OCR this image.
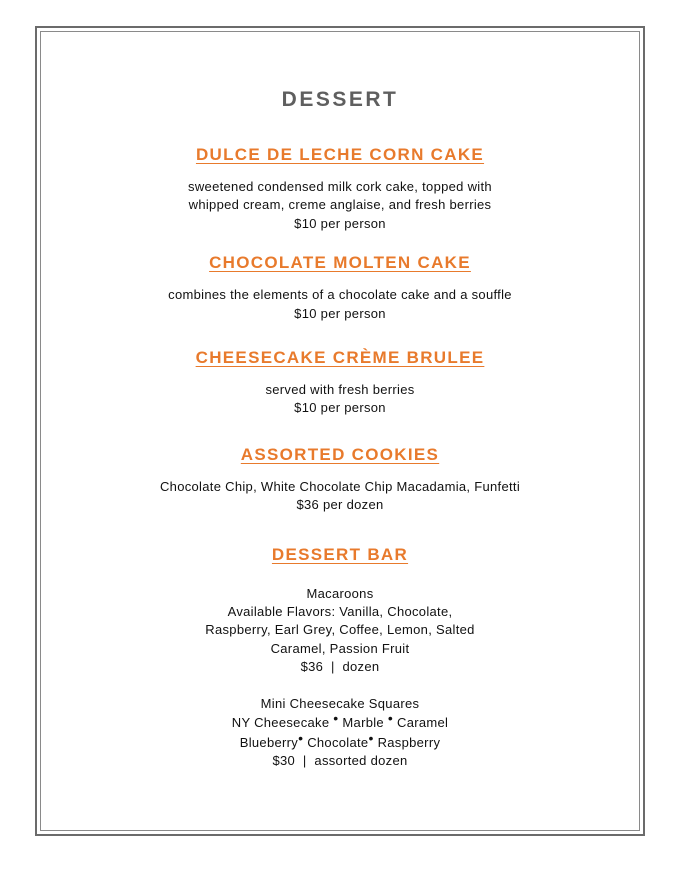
DESSERT
DULCE DE LECHE CORN CAKE

sweetened condensed milk cork cake, topped with

whipped cream, creme anglaise, and fresh berries

$10 per person

CHOCOLATE MOLTEN CAKE

combines the elements of a chocolate cake and a souffle

$10 per person

CHEESECAKE CRÈME BRULEE

served with fresh berries

$10 per person

ASSORTED COOKIES

Chocolate Chip, White Chocolate Chip Macadamia, Funfetti

$36 per dozen

DESSERT BAR

Macaroons

Available Flavors: Vanilla, Chocolate,

Raspberry, Earl Grey, Coffee, Lemon, Salted

Caramel, Passion Fruit

$36 | dozen

Mini Cheesecake Squares

NY Cheesecake • Marble • Caramel

Blueberry• Chocolate• Raspberry

$30 | assorted dozen
